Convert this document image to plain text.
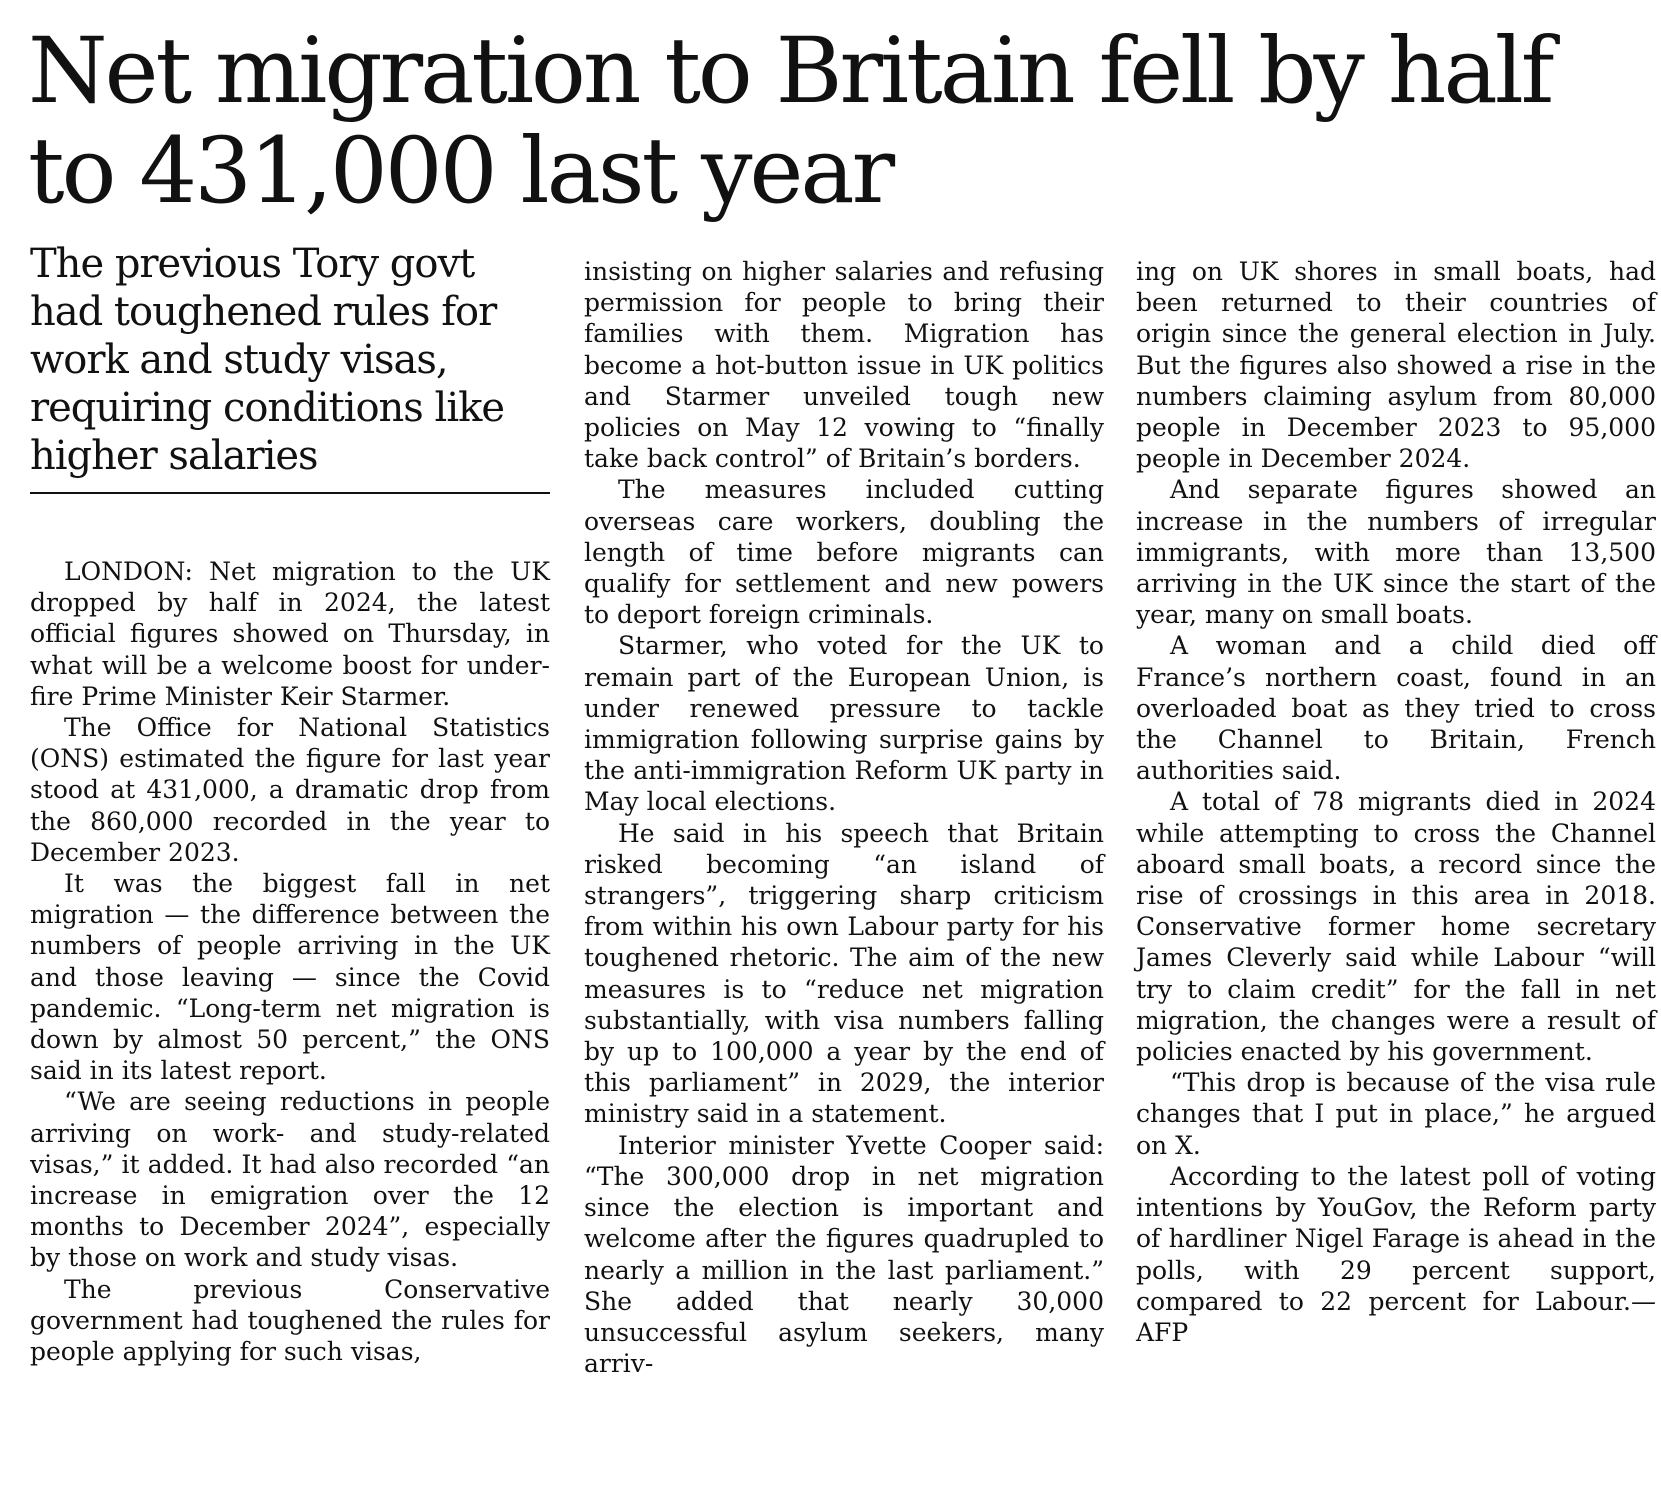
Net migration to Britain fell by half to 431,000 last year
The previous Tory govt had toughened rules for work and study visas, requiring conditions like higher salaries

LONDON: Net migration to the UK dropped by half in 2024, the latest official figures showed on Thursday, in what will be a welcome boost for under-fire Prime Minister Keir Starmer.

The Office for National Statistics (ONS) estimated the figure for last year stood at 431,000, a dramatic drop from the 860,000 recorded in the year to December 2023.

It was the biggest fall in net migration — the difference between the numbers of people arriving in the UK and those leaving — since the Covid pandemic. “Long-term net migration is down by almost 50 percent,” the ONS said in its latest report.

“We are seeing reductions in people arriving on work- and study-related visas,” it added. It had also recorded “an increase in emigration over the 12 months to December 2024”, especially by those on work and study visas.

The previous Conservative government had toughened the rules for people applying for such visas,

insisting on higher salaries and refusing permission for people to bring their families with them. Migration has become a hot-button issue in UK politics and Starmer unveiled tough new policies on May 12 vowing to “finally take back control” of Britain’s borders.

The measures included cutting overseas care workers, doubling the length of time before migrants can qualify for settlement and new powers to deport foreign criminals.

Starmer, who voted for the UK to remain part of the European Union, is under renewed pressure to tackle immigration following surprise gains by the anti-immigration Reform UK party in May local elections.

He said in his speech that Britain risked becoming “an island of strangers”, triggering sharp criticism from within his own Labour party for his toughened rhetoric. The aim of the new measures is to “reduce net migration substantially, with visa numbers falling by up to 100,000 a year by the end of this parliament” in 2029, the interior ministry said in a statement.

Interior minister Yvette Cooper said: “The 300,000 drop in net migration since the election is important and welcome after the figures quadrupled to nearly a million in the last parliament.” She added that nearly 30,000 unsuccessful asylum seekers, many arriv-

ing on UK shores in small boats, had been returned to their countries of origin since the general election in July. But the figures also showed a rise in the numbers claiming asylum from 80,000 people in December 2023 to 95,000 people in December 2024.

And separate figures showed an increase in the numbers of irregular immigrants, with more than 13,500 arriving in the UK since the start of the year, many on small boats.

A woman and a child died off France’s northern coast, found in an overloaded boat as they tried to cross the Channel to Britain, French authorities said.

A total of 78 migrants died in 2024 while attempting to cross the Channel aboard small boats, a record since the rise of crossings in this area in 2018. Conservative former home secretary James Cleverly said while Labour “will try to claim credit” for the fall in net migration, the changes were a result of policies enacted by his government.

“This drop is because of the visa rule changes that I put in place,” he argued on X.

According to the latest poll of voting intentions by YouGov, the Reform party of hardliner Nigel Farage is ahead in the polls, with 29 percent support, compared to 22 percent for Labour.—AFP
